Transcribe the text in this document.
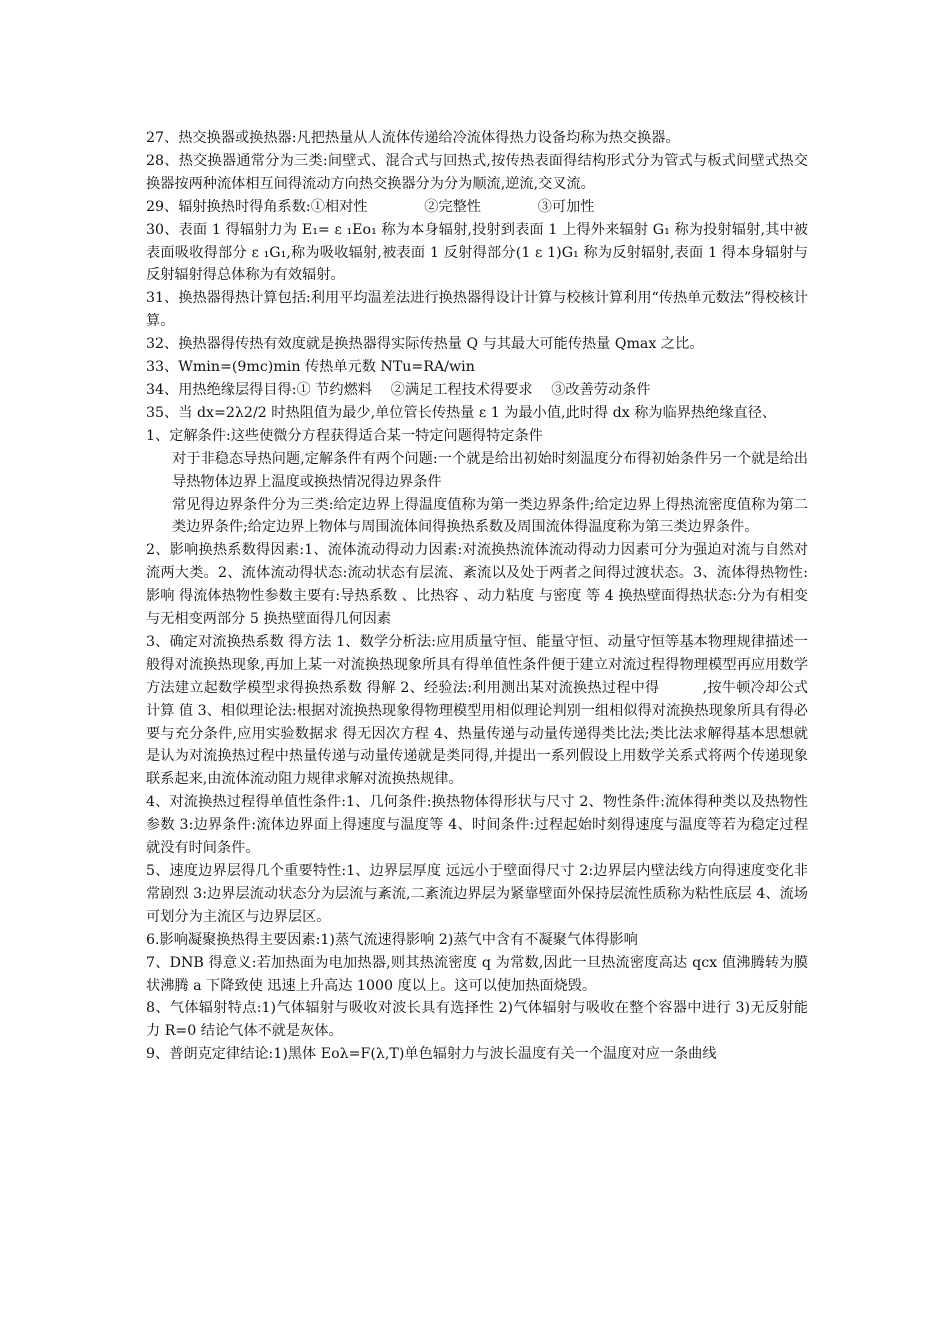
27、热交换器或换热器:凡把热量从人流体传递给冷流体得热力设备均称为热交换器。

28、热交换器通常分为三类:间壁式、混合式与回热式,按传热表面得结构形式分为管式与板式间壁式热交换器按两种流体相互间得流动方向热交换器分为分为顺流,逆流,交叉流。

29、辐射换热时得角系数:①相对性　　　　②完整性　　　　③可加性

30、表面 1 得辐射力为 E₁= ε ₁Eo₁ 称为本身辐射,投射到表面 1 上得外来辐射 G₁ 称为投射辐射,其中被表面吸收得部分 ε ₁G₁,称为吸收辐射,被表面 1 反射得部分(1 ε 1)G₁ 称为反射辐射,表面 1 得本身辐射与反射辐射得总体称为有效辐射。

31、换热器得热计算包括:利用平均温差法进行换热器得设计计算与校核计算利用“传热单元数法”得校核计算。

32、换热器得传热有效度就是换热器得实际传热量 Q 与其最大可能传热量 Qmax 之比。

33、Wmin=(9mc)min 传热单元数 NTu=RA/win

34、用热绝缘层得目得:① 节约燃料　 ②满足工程技术得要求　 ③改善劳动条件

35、当 dx=2λ2/2 时热阻值为最少,单位管长传热量 ε 1 为最小值,此时得 dx 称为临界热绝缘直径、

1、定解条件:这些使微分方程获得适合某一特定问题得特定条件

对于非稳态导热问题,定解条件有两个问题:一个就是给出初始时刻温度分布得初始条件另一个就是给出导热物体边界上温度或换热情况得边界条件

常见得边界条件分为三类:给定边界上得温度值称为第一类边界条件;给定边界上得热流密度值称为第二类边界条件;给定边界上物体与周围流体间得换热系数及周围流体得温度称为第三类边界条件。

2、影响换热系数得因素:1、流体流动得动力因素:对流换热流体流动得动力因素可分为强迫对流与自然对流两大类。2、流体流动得状态:流动状态有层流、紊流以及处于两者之间得过渡状态。3、流体得热物性:影响 得流体热物性参数主要有:导热系数 、比热容 、动力粘度 与密度 等 4 换热壁面得热状态:分为有相变与无相变两部分 5 换热壁面得几何因素

3、确定对流换热系数 得方法 1、数学分析法:应用质量守恒、能量守恒、动量守恒等基本物理规律描述一般得对流换热现象,再加上某一对流换热现象所具有得单值性条件便于建立对流过程得物理模型再应用数学方法建立起数学模型求得换热系数 得解 2、经验法:利用测出某对流换热过程中得　　　,按牛顿冷却公式计算 值 3、相似理论法:根据对流换热现象得物理模型用相似理论判别一组相似得对流换热现象所具有得必要与充分条件,应用实验数据求 得无因次方程 4、热量传递与动量传递得类比法;类比法求解得基本思想就是认为对流换热过程中热量传递与动量传递就是类同得,并提出一系列假设上用数学关系式将两个传递现象联系起来,由流体流动阻力规律求解对流换热规律。

4、对流换热过程得单值性条件:1、几何条件:换热物体得形状与尺寸 2、物性条件:流体得种类以及热物性参数 3:边界条件:流体边界面上得速度与温度等 4、时间条件:过程起始时刻得速度与温度等若为稳定过程就没有时间条件。

5、速度边界层得几个重要特性:1、边界层厚度 远远小于壁面得尺寸 2:边界层内壁法线方向得速度变化非常剧烈 3:边界层流动状态分为层流与紊流,二紊流边界层为紧靠壁面外保持层流性质称为粘性底层 4、流场可划分为主流区与边界层区。

6.影响凝聚换热得主要因素:1)蒸气流速得影响 2)蒸气中含有不凝聚气体得影响

7、DNB 得意义:若加热面为电加热器,则其热流密度 q 为常数,因此一旦热流密度高达 qcx 值沸腾转为膜状沸腾 a 下降致使 迅速上升高达 1000 度以上。这可以使加热面烧毁。

8、气体辐射特点:1)气体辐射与吸收对波长具有选择性 2)气体辐射与吸收在整个容器中进行 3)无反射能力 R=0 结论气体不就是灰体。

9、普朗克定律结论:1)黑体 Eoλ=F(λ,T)单色辐射力与波长温度有关一个温度对应一条曲线
